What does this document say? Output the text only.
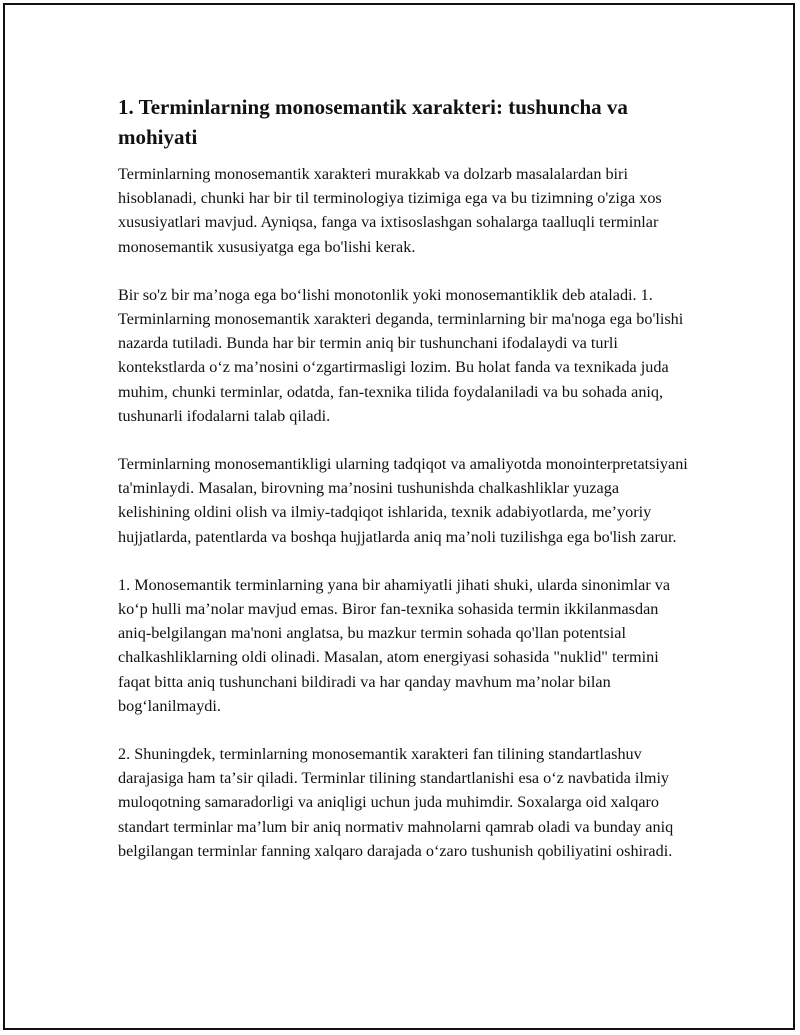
1. Terminlarning monosemantik xarakteri: tushuncha va mohiyati

Terminlarning monosemantik xarakteri murakkab va dolzarb masalalardan biri hisoblanadi, chunki har bir til terminologiya tizimiga ega va bu tizimning o'ziga xos xususiyatlari mavjud. Ayniqsa, fanga va ixtisoslashgan sohalarga taalluqli terminlar monosemantik xususiyatga ega bo'lishi kerak.

Bir so'z bir maʼnoga ega boʻlishi monotonlik yoki monosemantiklik deb ataladi. 1. Terminlarning monosemantik xarakteri deganda, terminlarning bir ma'noga ega bo'lishi nazarda tutiladi. Bunda har bir termin aniq bir tushunchani ifodalaydi va turli kontekstlarda oʻz maʼnosini oʻzgartirmasligi lozim. Bu holat fanda va texnikada juda muhim, chunki terminlar, odatda, fan-texnika tilida foydalaniladi va bu sohada aniq, tushunarli ifodalarni talab qiladi.

Terminlarning monosemantikligi ularning tadqiqot va amaliyotda monointerpretatsiyani ta'minlaydi. Masalan, birovning maʼnosini tushunishda chalkashliklar yuzaga kelishining oldini olish va ilmiy-tadqiqot ishlarida, texnik adabiyotlarda, meʼyoriy hujjatlarda, patentlarda va boshqa hujjatlarda aniq maʼnoli tuzilishga ega bo'lish zarur.

1. Monosemantik terminlarning yana bir ahamiyatli jihati shuki, ularda sinonimlar va koʻp hulli maʼnolar mavjud emas. Biror fan-texnika sohasida termin ikkilanmasdan aniq-belgilangan ma'noni anglatsa, bu mazkur termin sohada qo'llan potentsial chalkashliklarning oldi olinadi. Masalan, atom energiyasi sohasida "nuklid" termini faqat bitta aniq tushunchani bildiradi va har qanday mavhum maʼnolar bilan bogʻlanilmaydi.

2. Shuningdek, terminlarning monosemantik xarakteri fan tilining standartlashuv darajasiga ham taʼsir qiladi. Terminlar tilining standartlanishi esa oʻz navbatida ilmiy muloqotning samaradorligi va aniqligi uchun juda muhimdir. Soxalarga oid xalqaro standart terminlar maʼlum bir aniq normativ mahnolarni qamrab oladi va bunday aniq belgilangan terminlar fanning xalqaro darajada oʻzaro tushunish qobiliyatini oshiradi.
